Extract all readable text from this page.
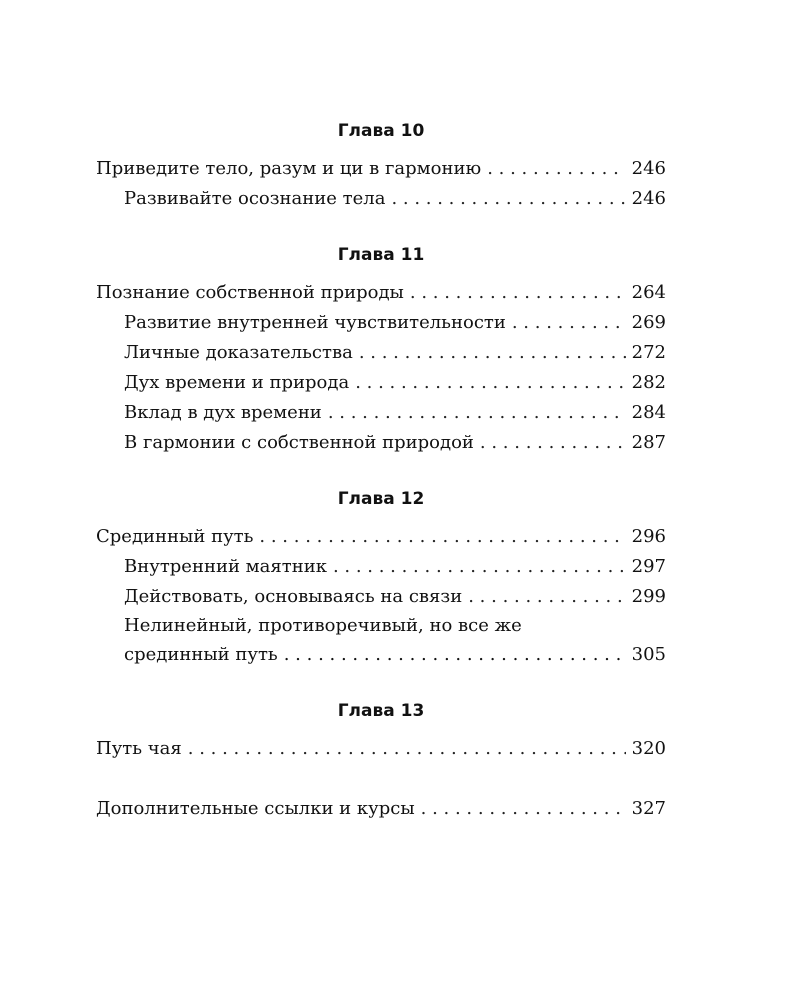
Глава 10
Приведите тело, разум и ци в гармонию . . .	246
Развивайте осознание тела . . .	246
Глава 11
Познание собственной природы . . .	264
Развитие внутренней чувствительности . . .	269
Личные доказательства . . .	272
Дух времени и природа . . .	282
Вклад в дух времени . . .	284
В гармонии с собственной природой . . .	287
Глава 12
Срединный путь . . .	296
Внутренний маятник . . .	297
Действовать, основываясь на связи . . .	299
Нелинейный, противоречивый, но все же
срединный путь . . .	305
Глава 13
Путь чая . . .	320
Дополнительные ссылки и курсы . . .	327
